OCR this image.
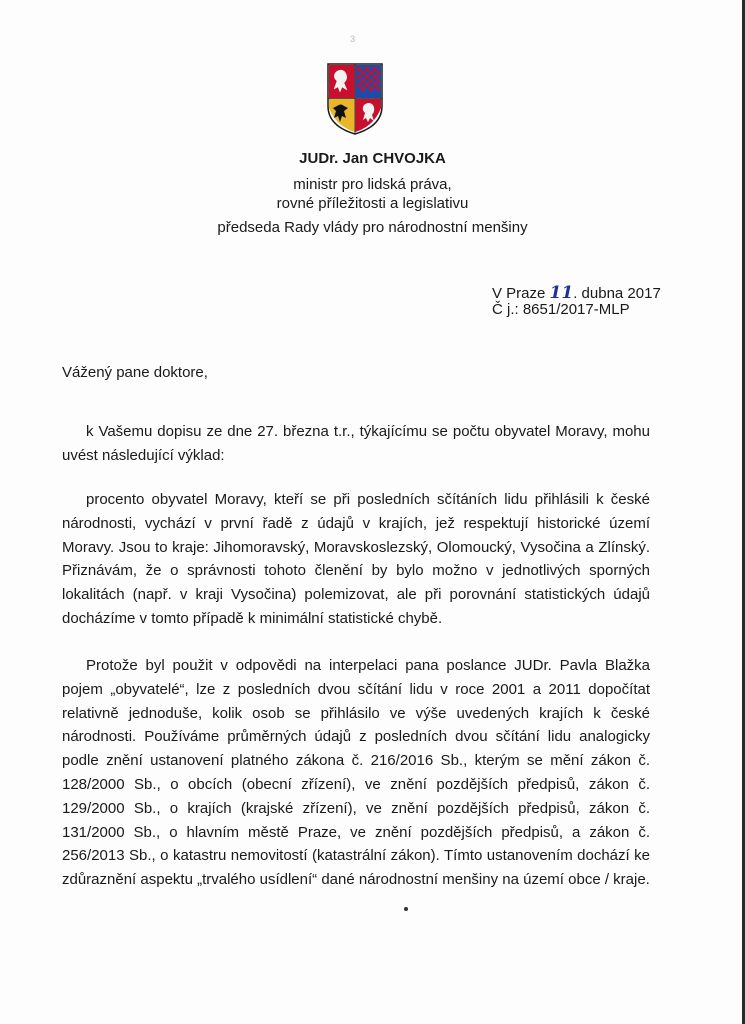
3
JUDr. Jan CHVOJKA
ministr pro lidská práva,
rovné příležitosti a legislativu
předseda Rady vlády pro národnostní menšiny
V Praze 11. dubna 2017
Č j.: 8651/2017-MLP
Vážený pane doktore,

k Vašemu dopisu ze dne 27. března t.r., týkajícímu se počtu obyvatel Moravy, mohu uvést následující výklad:

procento obyvatel Moravy, kteří se při posledních sčítáních lidu přihlásili k české národnosti, vychází v první řadě z údajů v krajích, jež respektují historické území Moravy. Jsou to kraje: Jihomoravský, Moravskoslezský, Olomoucký, Vysočina a Zlínský. Přiznávám, že o správnosti tohoto členění by bylo možno v jednotlivých sporných lokalitách (např. v kraji Vysočina) polemizovat, ale při porovnání statistických údajů docházíme v tomto případě k minimální statistické chybě.

Protože byl použit v odpovědi na interpelaci pana poslance JUDr. Pavla Blažka pojem „obyvatelé“, lze z posledních dvou sčítání lidu v roce 2001 a 2011 dopočítat relativně jednoduše, kolik osob se přihlásilo ve výše uvedených krajích k české národnosti. Používáme průměrných údajů z posledních dvou sčítání lidu analogicky podle znění ustanovení platného zákona č. 216/2016 Sb., kterým se mění zákon č. 128/2000 Sb., o obcích (obecní zřízení), ve znění pozdějších předpisů, zákon č. 129/2000 Sb., o krajích (krajské zřízení), ve znění pozdějších předpisů, zákon č. 131/2000 Sb., o hlavním městě Praze, ve znění pozdějších předpisů, a zákon č. 256/2013 Sb., o katastru nemovitostí (katastrální zákon). Tímto ustanovením dochází ke zdůraznění aspektu „trvalého usídlení“ dané národnostní menšiny na území obce / kraje.
